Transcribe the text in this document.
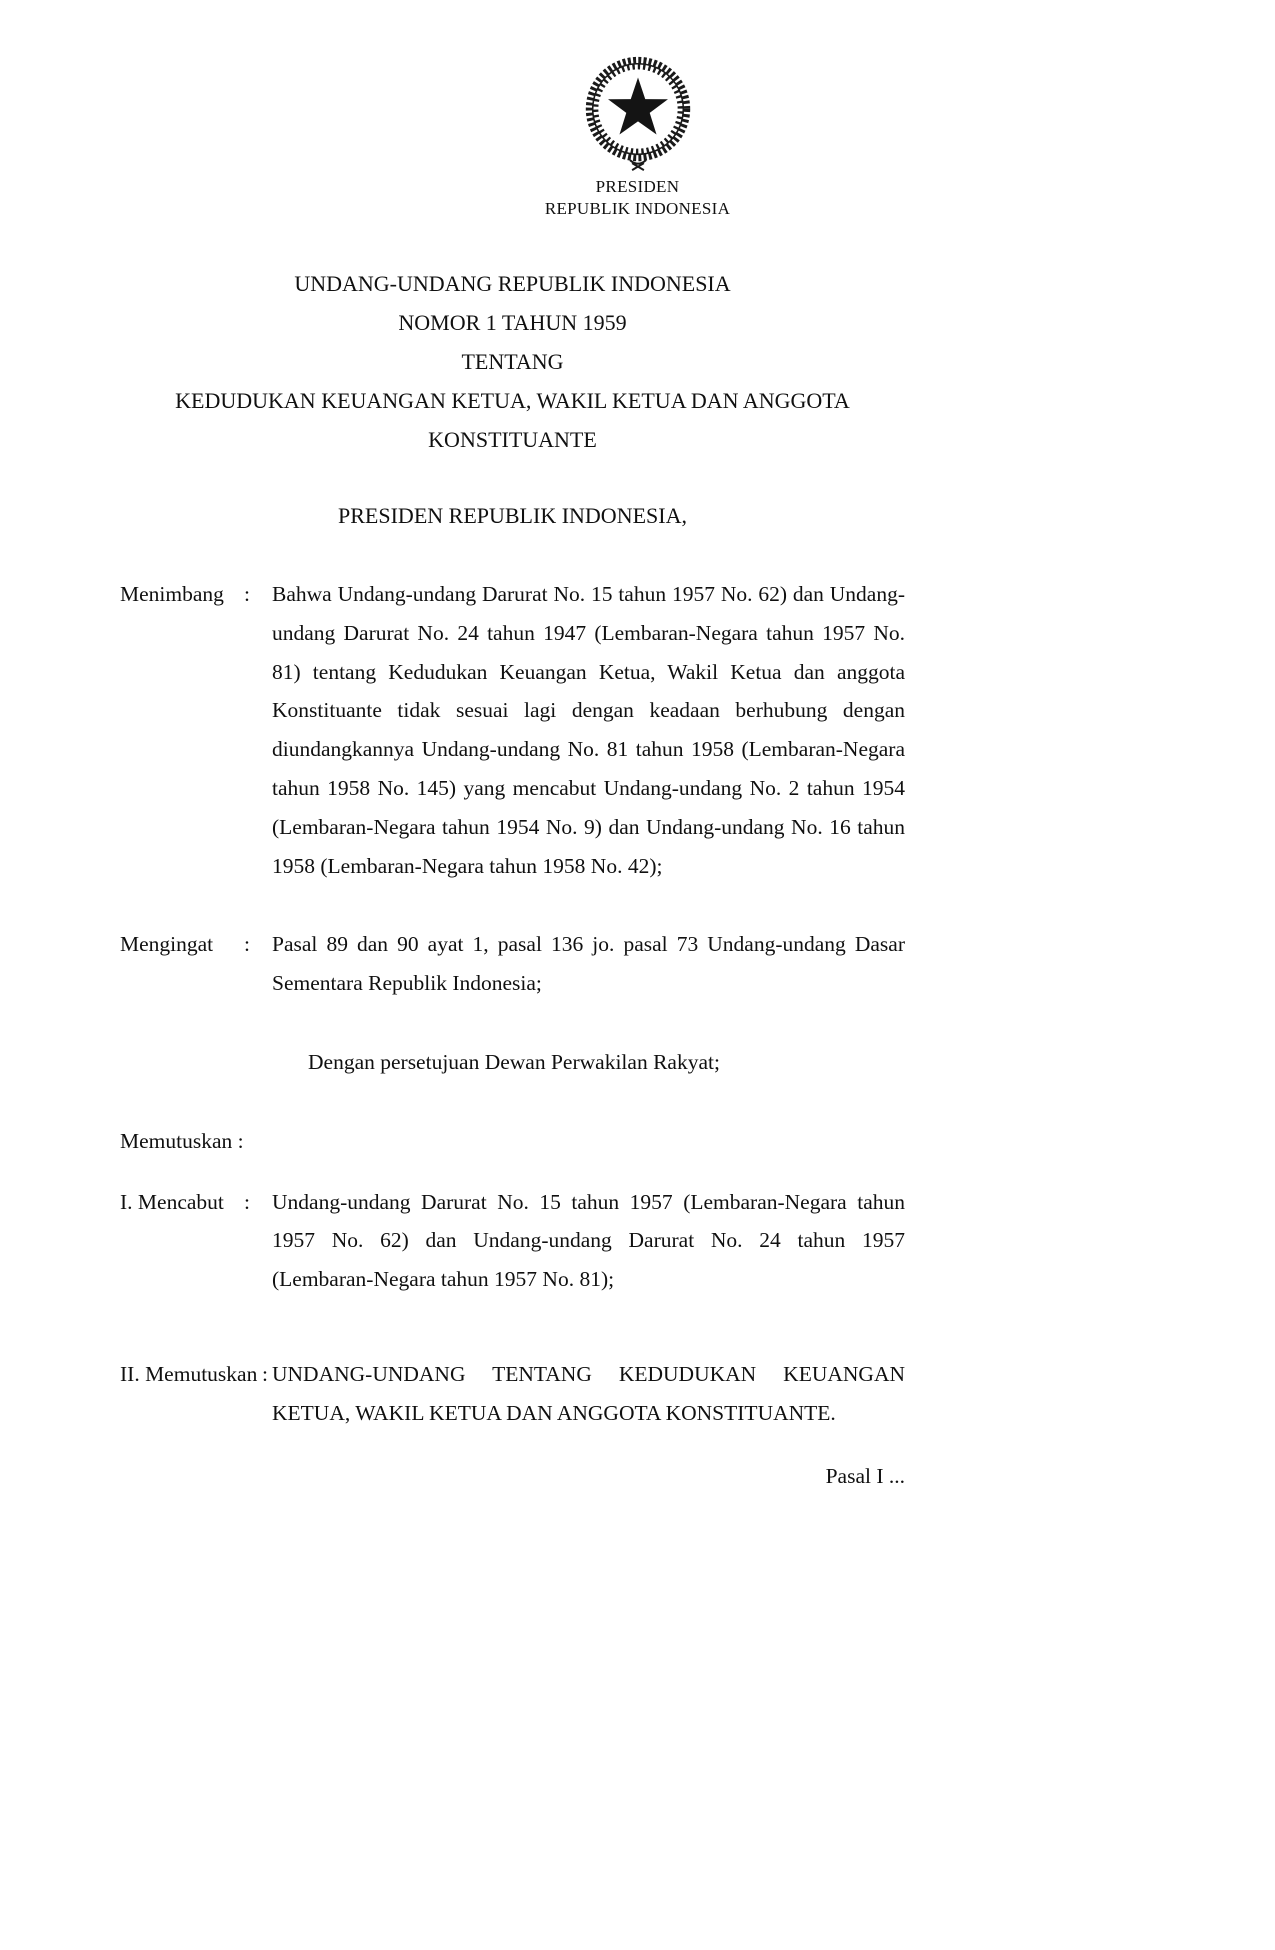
PRESIDEN
REPUBLIK INDONESIA
UNDANG-UNDANG REPUBLIK INDONESIA
NOMOR 1 TAHUN 1959
TENTANG
KEDUDUKAN KEUANGAN KETUA, WAKIL KETUA DAN ANGGOTA
KONSTITUANTE
PRESIDEN REPUBLIK INDONESIA,
Menimbang : Bahwa Undang-undang Darurat No. 15 tahun 1957 No. 62) dan Undang-undang Darurat No. 24 tahun 1947 (Lembaran-Negara tahun 1957 No. 81) tentang Kedudukan Keuangan Ketua, Wakil Ketua dan anggota Konstituante tidak sesuai lagi dengan keadaan berhubung dengan diundangkannya Undang-undang No. 81 tahun 1958 (Lembaran-Negara tahun 1958 No. 145) yang mencabut Undang-undang No. 2 tahun 1954 (Lembaran-Negara tahun 1954 No. 9) dan Undang-undang No. 16 tahun 1958 (Lembaran-Negara tahun 1958 No. 42);
Mengingat : Pasal 89 dan 90 ayat 1, pasal 136 jo. pasal 73 Undang-undang Dasar Sementara Republik Indonesia;
Dengan persetujuan Dewan Perwakilan Rakyat;
Memutuskan :
I. Mencabut : Undang-undang Darurat No. 15 tahun 1957 (Lembaran-Negara tahun 1957 No. 62) dan Undang-undang Darurat No. 24 tahun 1957 (Lembaran-Negara tahun 1957 No. 81);
II. Memutuskan : UNDANG-UNDANG TENTANG KEDUDUKAN KEUANGAN KETUA, WAKIL KETUA DAN ANGGOTA KONSTITUANTE.
Pasal I ...
